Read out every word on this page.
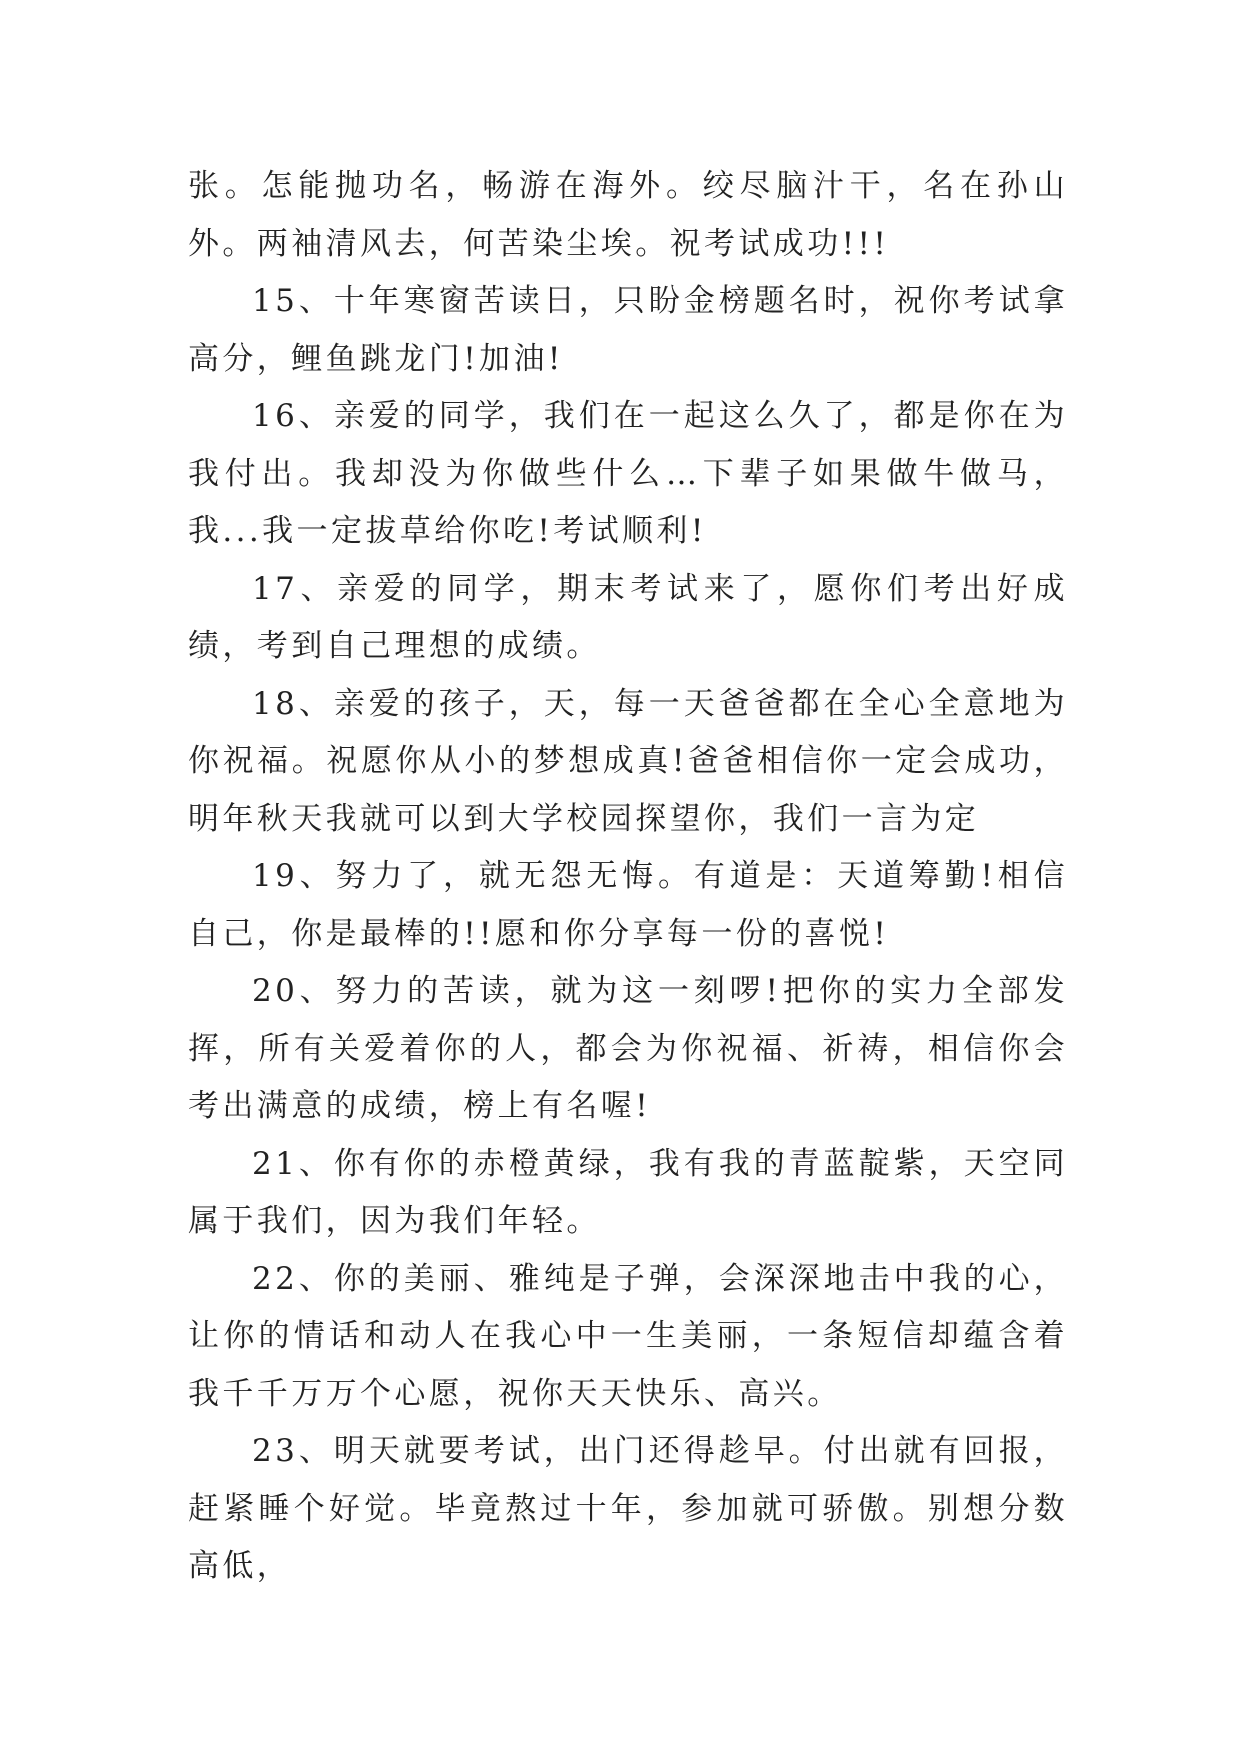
张。怎能抛功名，畅游在海外。绞尽脑汁干，名在孙山外。两袖清风去，何苦染尘埃。祝考试成功!!!

15、十年寒窗苦读日，只盼金榜题名时，祝你考试拿高分，鲤鱼跳龙门!加油!

16、亲爱的同学，我们在一起这么久了，都是你在为我付出。我却没为你做些什么…下辈子如果做牛做马，我...我一定拔草给你吃!考试顺利!

17、亲爱的同学，期末考试来了，愿你们考出好成绩，考到自己理想的成绩。

18、亲爱的孩子，天，每一天爸爸都在全心全意地为你祝福。祝愿你从小的梦想成真!爸爸相信你一定会成功，明年秋天我就可以到大学校园探望你，我们一言为定

19、努力了，就无怨无悔。有道是：天道筹勤!相信自己，你是最棒的!!愿和你分享每一份的喜悦!

20、努力的苦读，就为这一刻啰!把你的实力全部发挥，所有关爱着你的人，都会为你祝福、祈祷，相信你会考出满意的成绩，榜上有名喔!

21、你有你的赤橙黄绿，我有我的青蓝靛紫，天空同属于我们，因为我们年轻。

22、你的美丽、雅纯是子弹，会深深地击中我的心，让你的情话和动人在我心中一生美丽，一条短信却蕴含着我千千万万个心愿，祝你天天快乐、高兴。

23、明天就要考试，出门还得趁早。付出就有回报，赶紧睡个好觉。毕竟熬过十年，参加就可骄傲。别想分数高低，
